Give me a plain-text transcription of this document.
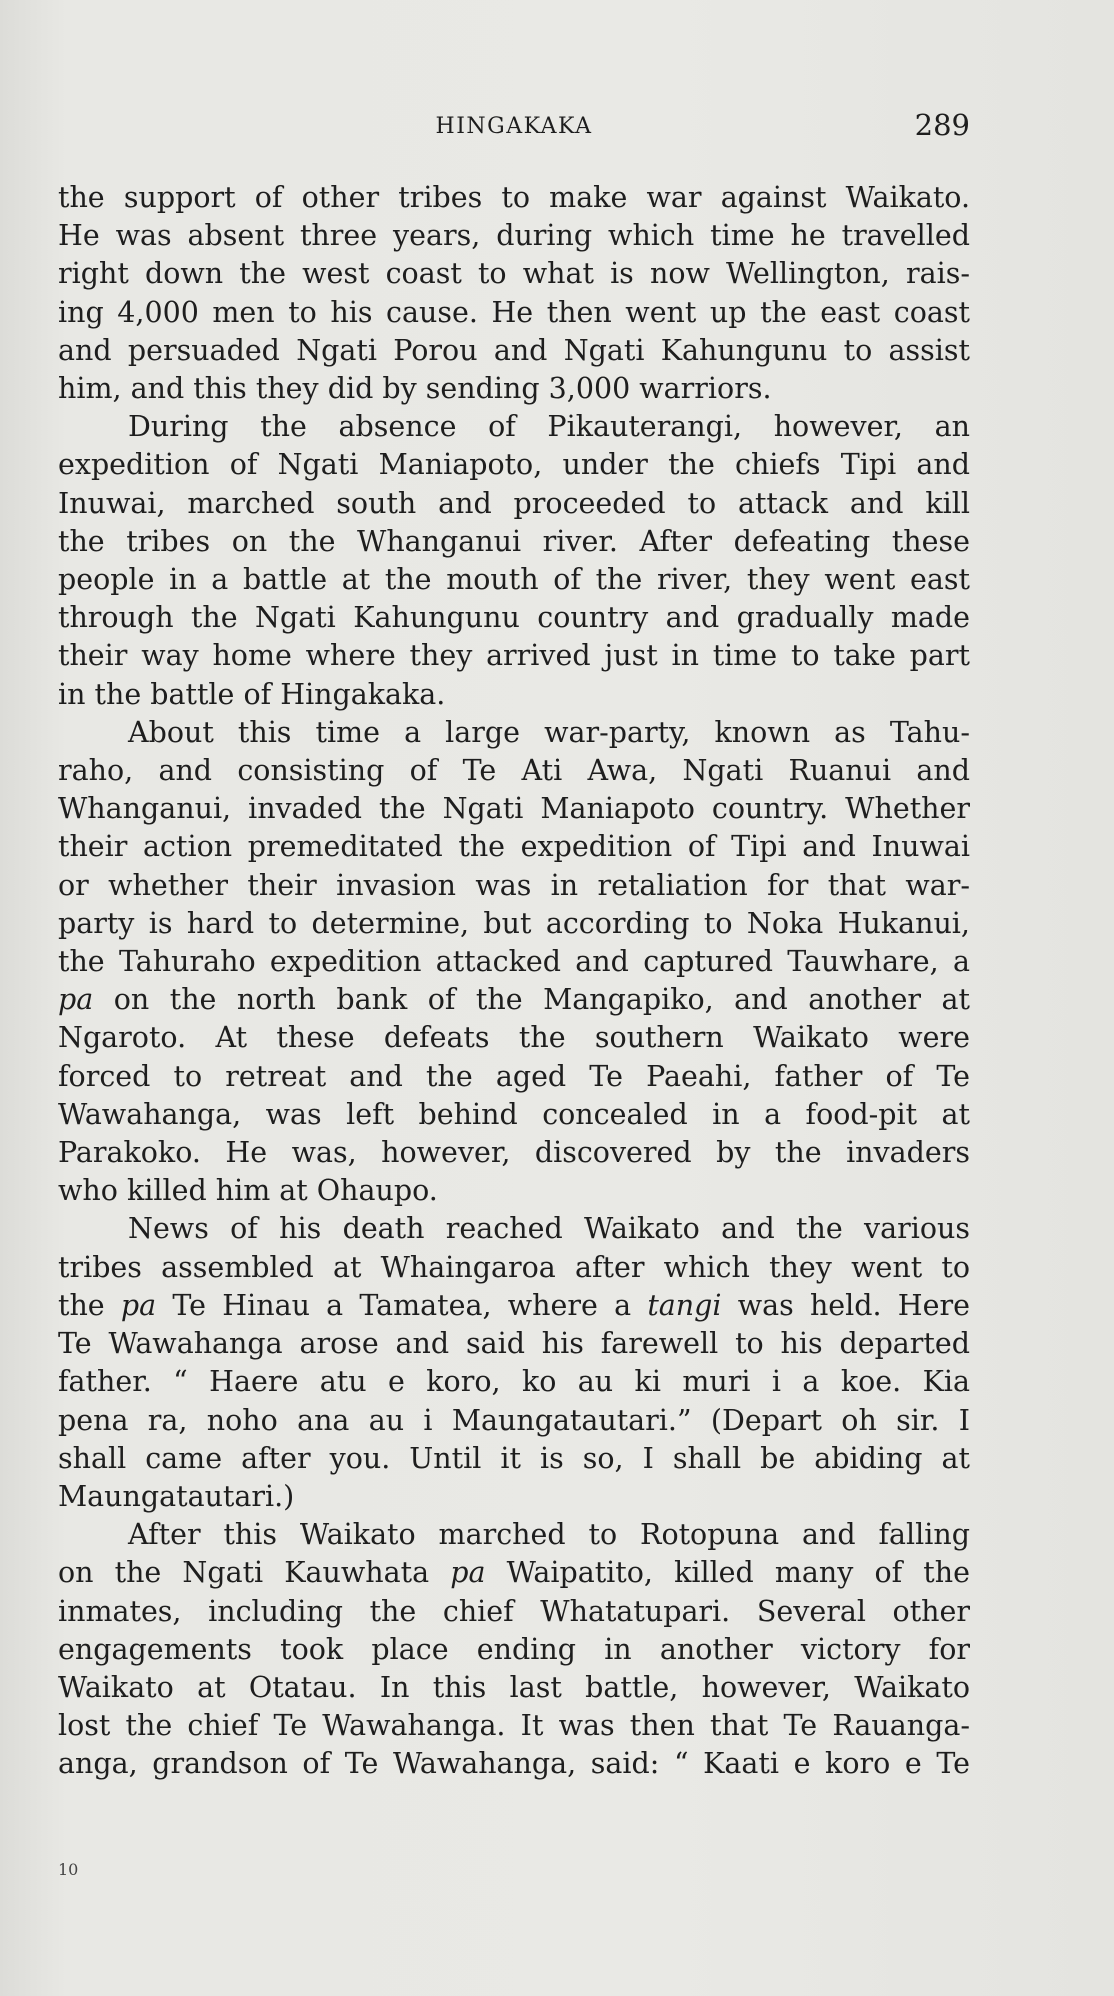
HINGAKAKA	289
the support of other tribes to make war against Waikato.
He was absent three years, during which time he travelled
right down the west coast to what is now Wellington, rais-
ing 4,000 men to his cause. He then went up the east coast
and persuaded Ngati Porou and Ngati Kahungunu to assist
him, and this they did by sending 3,000 warriors.
During the absence of Pikauterangi, however, an
expedition of Ngati Maniapoto, under the chiefs Tipi and
Inuwai, marched south and proceeded to attack and kill
the tribes on the Whanganui river. After defeating these
people in a battle at the mouth of the river, they went east
through the Ngati Kahungunu country and gradually made
their way home where they arrived just in time to take part
in the battle of Hingakaka.
About this time a large war-party, known as Tahu-
raho, and consisting of Te Ati Awa, Ngati Ruanui and
Whanganui, invaded the Ngati Maniapoto country. Whether
their action premeditated the expedition of Tipi and Inuwai
or whether their invasion was in retaliation for that war-
party is hard to determine, but according to Noka Hukanui,
the Tahuraho expedition attacked and captured Tauwhare, a
pa on the north bank of the Mangapiko, and another at
Ngaroto. At these defeats the southern Waikato were
forced to retreat and the aged Te Paeahi, father of Te
Wawahanga, was left behind concealed in a food-pit at
Parakoko. He was, however, discovered by the invaders
who killed him at Ohaupo.
News of his death reached Waikato and the various
tribes assembled at Whaingaroa after which they went to
the pa Te Hinau a Tamatea, where a tangi was held. Here
Te Wawahanga arose and said his farewell to his departed
father. “ Haere atu e koro, ko au ki muri i a koe. Kia
pena ra, noho ana au i Maungatautari.” (Depart oh sir. I
shall came after you. Until it is so, I shall be abiding at
Maungatautari.)
After this Waikato marched to Rotopuna and falling
on the Ngati Kauwhata pa Waipatito, killed many of the
inmates, including the chief Whatatupari. Several other
engagements took place ending in another victory for
Waikato at Otatau. In this last battle, however, Waikato
lost the chief Te Wawahanga. It was then that Te Rauanga-
anga, grandson of Te Wawahanga, said: “ Kaati e koro e Te
10
